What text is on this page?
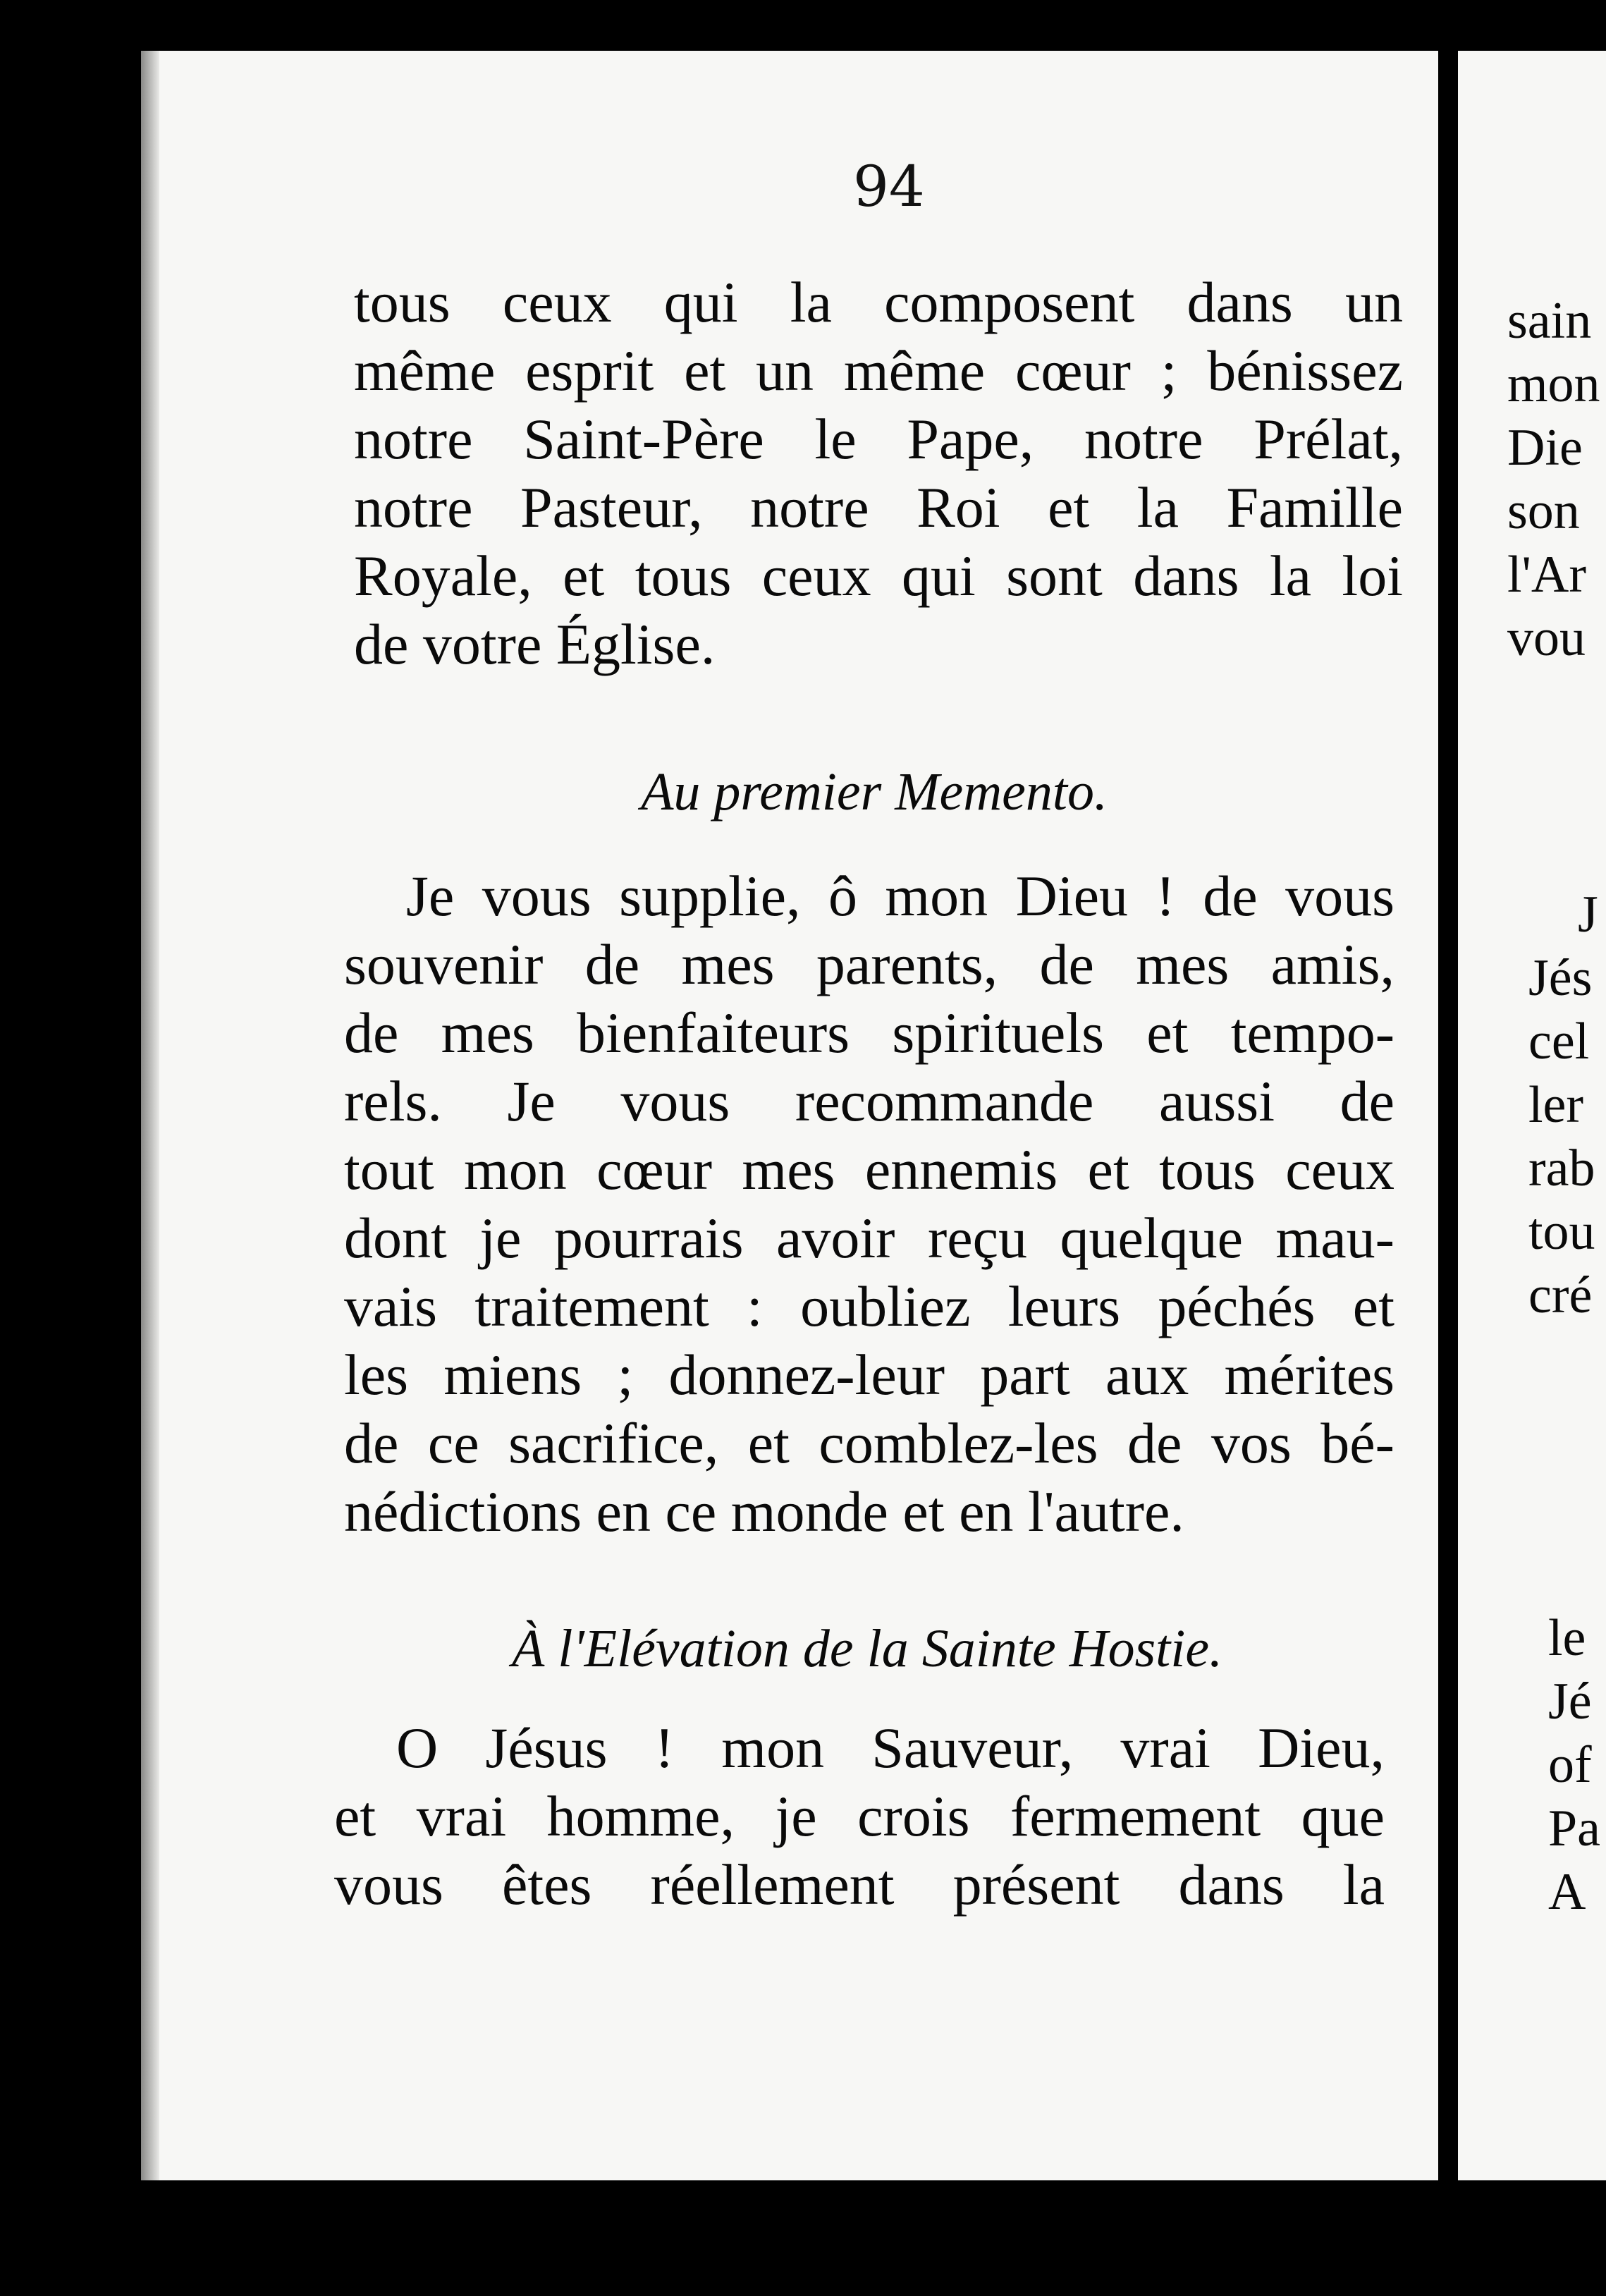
94
tous ceux qui la composent dans un
même esprit et un même cœur ; bénissez
notre Saint-Père le Pape, notre Prélat,
notre Pasteur, notre Roi et la Famille
Royale, et tous ceux qui sont dans la loi
de votre Église.
Au premier Memento.
Je vous supplie, ô mon Dieu ! de vous
souvenir de mes parents, de mes amis,
de mes bienfaiteurs spirituels et tempo-
rels. Je vous recommande aussi de
tout mon cœur mes ennemis et tous ceux
dont je pourrais avoir reçu quelque mau-
vais traitement : oubliez leurs péchés et
les miens ; donnez-leur part aux mérites
de ce sacrifice, et comblez-les de vos bé-
nédictions en ce monde et en l'autre.
À l'Elévation de la Sainte Hostie.
O Jésus ! mon Sauveur, vrai Dieu,
et vrai homme, je crois fermement que
vous êtes réellement présent dans la
sain
mon
Die
son
l'Ar
vou
J
Jés
cel
ler
rab
tou
cré
le
Jé
of
Pa
A
